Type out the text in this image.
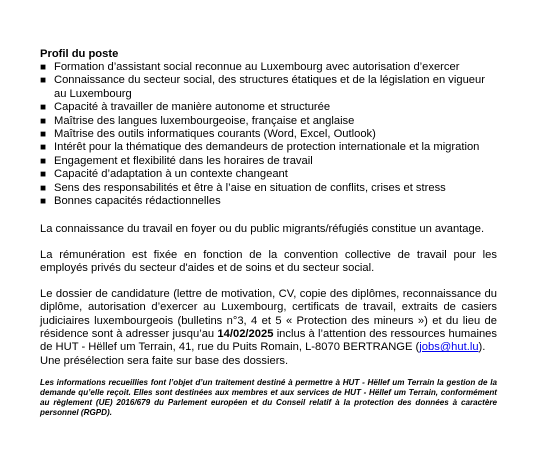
Profil du poste
■ Formation d’assistant social reconnue au Luxembourg avec autorisation d’exercer
■ Connaissance du secteur social, des structures étatiques et de la législation en vigueur au Luxembourg
■ Capacité à travailler de manière autonome et structurée
■ Maîtrise des langues luxembourgeoise, française et anglaise
■ Maîtrise des outils informatiques courants (Word, Excel, Outlook)
■ Intérêt pour la thématique des demandeurs de protection internationale et la migration
■ Engagement et flexibilité dans les horaires de travail
■ Capacité d’adaptation à un contexte changeant
■ Sens des responsabilités et être à l’aise en situation de conflits, crises et stress
■ Bonnes capacités rédactionnelles

La connaissance du travail en foyer ou du public migrants/réfugiés constitue un avantage.

La rémunération est fixée en fonction de la convention collective de travail pour les employés privés du secteur d'aides et de soins et du secteur social.

Le dossier de candidature (lettre de motivation, CV, copie des diplômes, reconnaissance du diplôme, autorisation d’exercer au Luxembourg, certificats de travail, extraits de casiers judiciaires luxembourgeois (bulletins n°3, 4 et 5 « Protection des mineurs ») et du lieu de résidence sont à adresser jusqu’au 14/02/2025 inclus à l’attention des ressources humaines de HUT - Hëllef um Terrain, 41, rue du Puits Romain, L-8070 BERTRANGE (jobs@hut.lu).
Une présélection sera faite sur base des dossiers.

Les informations recueillies font l’objet d’un traitement destiné à permettre à HUT - Hëllef um Terrain la gestion de la demande qu’elle reçoit. Elles sont destinées aux membres et aux services de HUT - Hëllef um Terrain, conformément au règlement (UE) 2016/679 du Parlement européen et du Conseil relatif à la protection des données à caractère personnel (RGPD).
